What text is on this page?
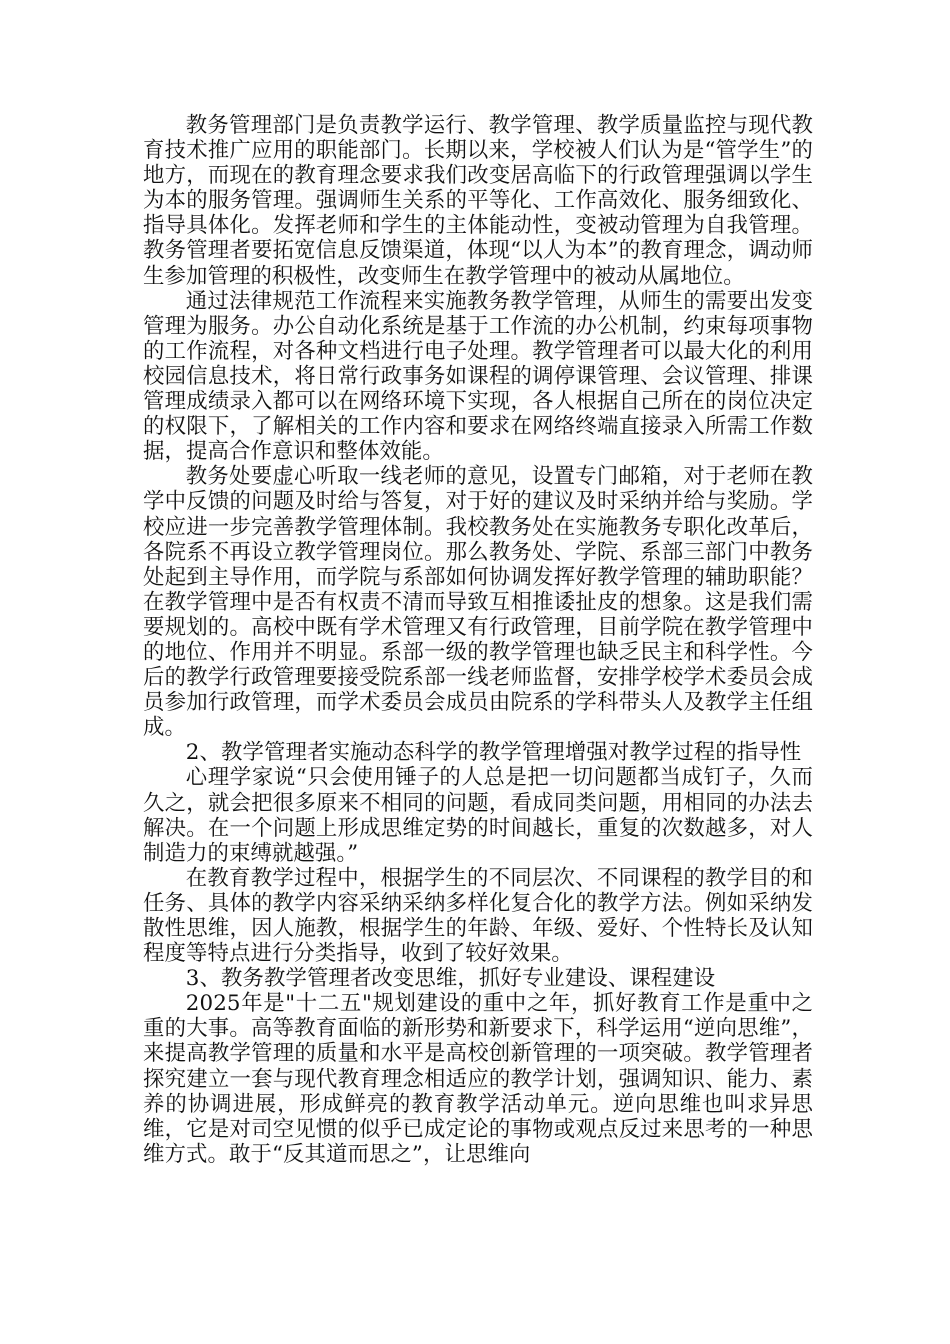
教务管理部门是负责教学运行、教学管理、教学质量监控与现代教育技术推广应用的职能部门。长期以来，学校被人们认为是“管学生”的地方，而现在的教育理念要求我们改变居高临下的行政管理强调以学生为本的服务管理。强调师生关系的平等化、工作高效化、服务细致化、指导具体化。发挥老师和学生的主体能动性，变被动管理为自我管理。教务管理者要拓宽信息反馈渠道，体现“以人为本”的教育理念，调动师生参加管理的积极性，改变师生在教学管理中的被动从属地位。

通过法律规范工作流程来实施教务教学管理，从师生的需要出发变管理为服务。办公自动化系统是基于工作流的办公机制，约束每项事物的工作流程，对各种文档进行电子处理。教学管理者可以最大化的利用校园信息技术，将日常行政事务如课程的调停课管理、会议管理、排课管理成绩录入都可以在网络环境下实现，各人根据自己所在的岗位决定的权限下，了解相关的工作内容和要求在网络终端直接录入所需工作数据，提高合作意识和整体效能。

教务处要虚心听取一线老师的意见，设置专门邮箱，对于老师在教学中反馈的问题及时给与答复，对于好的建议及时采纳并给与奖励。学校应进一步完善教学管理体制。我校教务处在实施教务专职化改革后，各院系不再设立教学管理岗位。那么教务处、学院、系部三部门中教务处起到主导作用，而学院与系部如何协调发挥好教学管理的辅助职能？在教学管理中是否有权责不清而导致互相推诿扯皮的想象。这是我们需要规划的。高校中既有学术管理又有行政管理，目前学院在教学管理中的地位、作用并不明显。系部一级的教学管理也缺乏民主和科学性。今后的教学行政管理要接受院系部一线老师监督，安排学校学术委员会成员参加行政管理，而学术委员会成员由院系的学科带头人及教学主任组成。

2、教学管理者实施动态科学的教学管理增强对教学过程的指导性

心理学家说“只会使用锤子的人总是把一切问题都当成钉子，久而久之，就会把很多原来不相同的问题，看成同类问题，用相同的办法去解决。在一个问题上形成思维定势的时间越长，重复的次数越多，对人制造力的束缚就越强。”

在教育教学过程中，根据学生的不同层次、不同课程的教学目的和任务、具体的教学内容采纳采纳多样化复合化的教学方法。例如采纳发散性思维，因人施教，根据学生的年龄、年级、爱好、个性特长及认知程度等特点进行分类指导，收到了较好效果。

3、教务教学管理者改变思维，抓好专业建设、课程建设

2025年是"十二五"规划建设的重中之年，抓好教育工作是重中之重的大事。高等教育面临的新形势和新要求下，科学运用“逆向思维”，来提高教学管理的质量和水平是高校创新管理的一项突破。教学管理者探究建立一套与现代教育理念相适应的教学计划，强调知识、能力、素养的协调进展，形成鲜亮的教育教学活动单元。逆向思维也叫求异思维，它是对司空见惯的似乎已成定论的事物或观点反过来思考的一种思维方式。敢于“反其道而思之”，让思维向
